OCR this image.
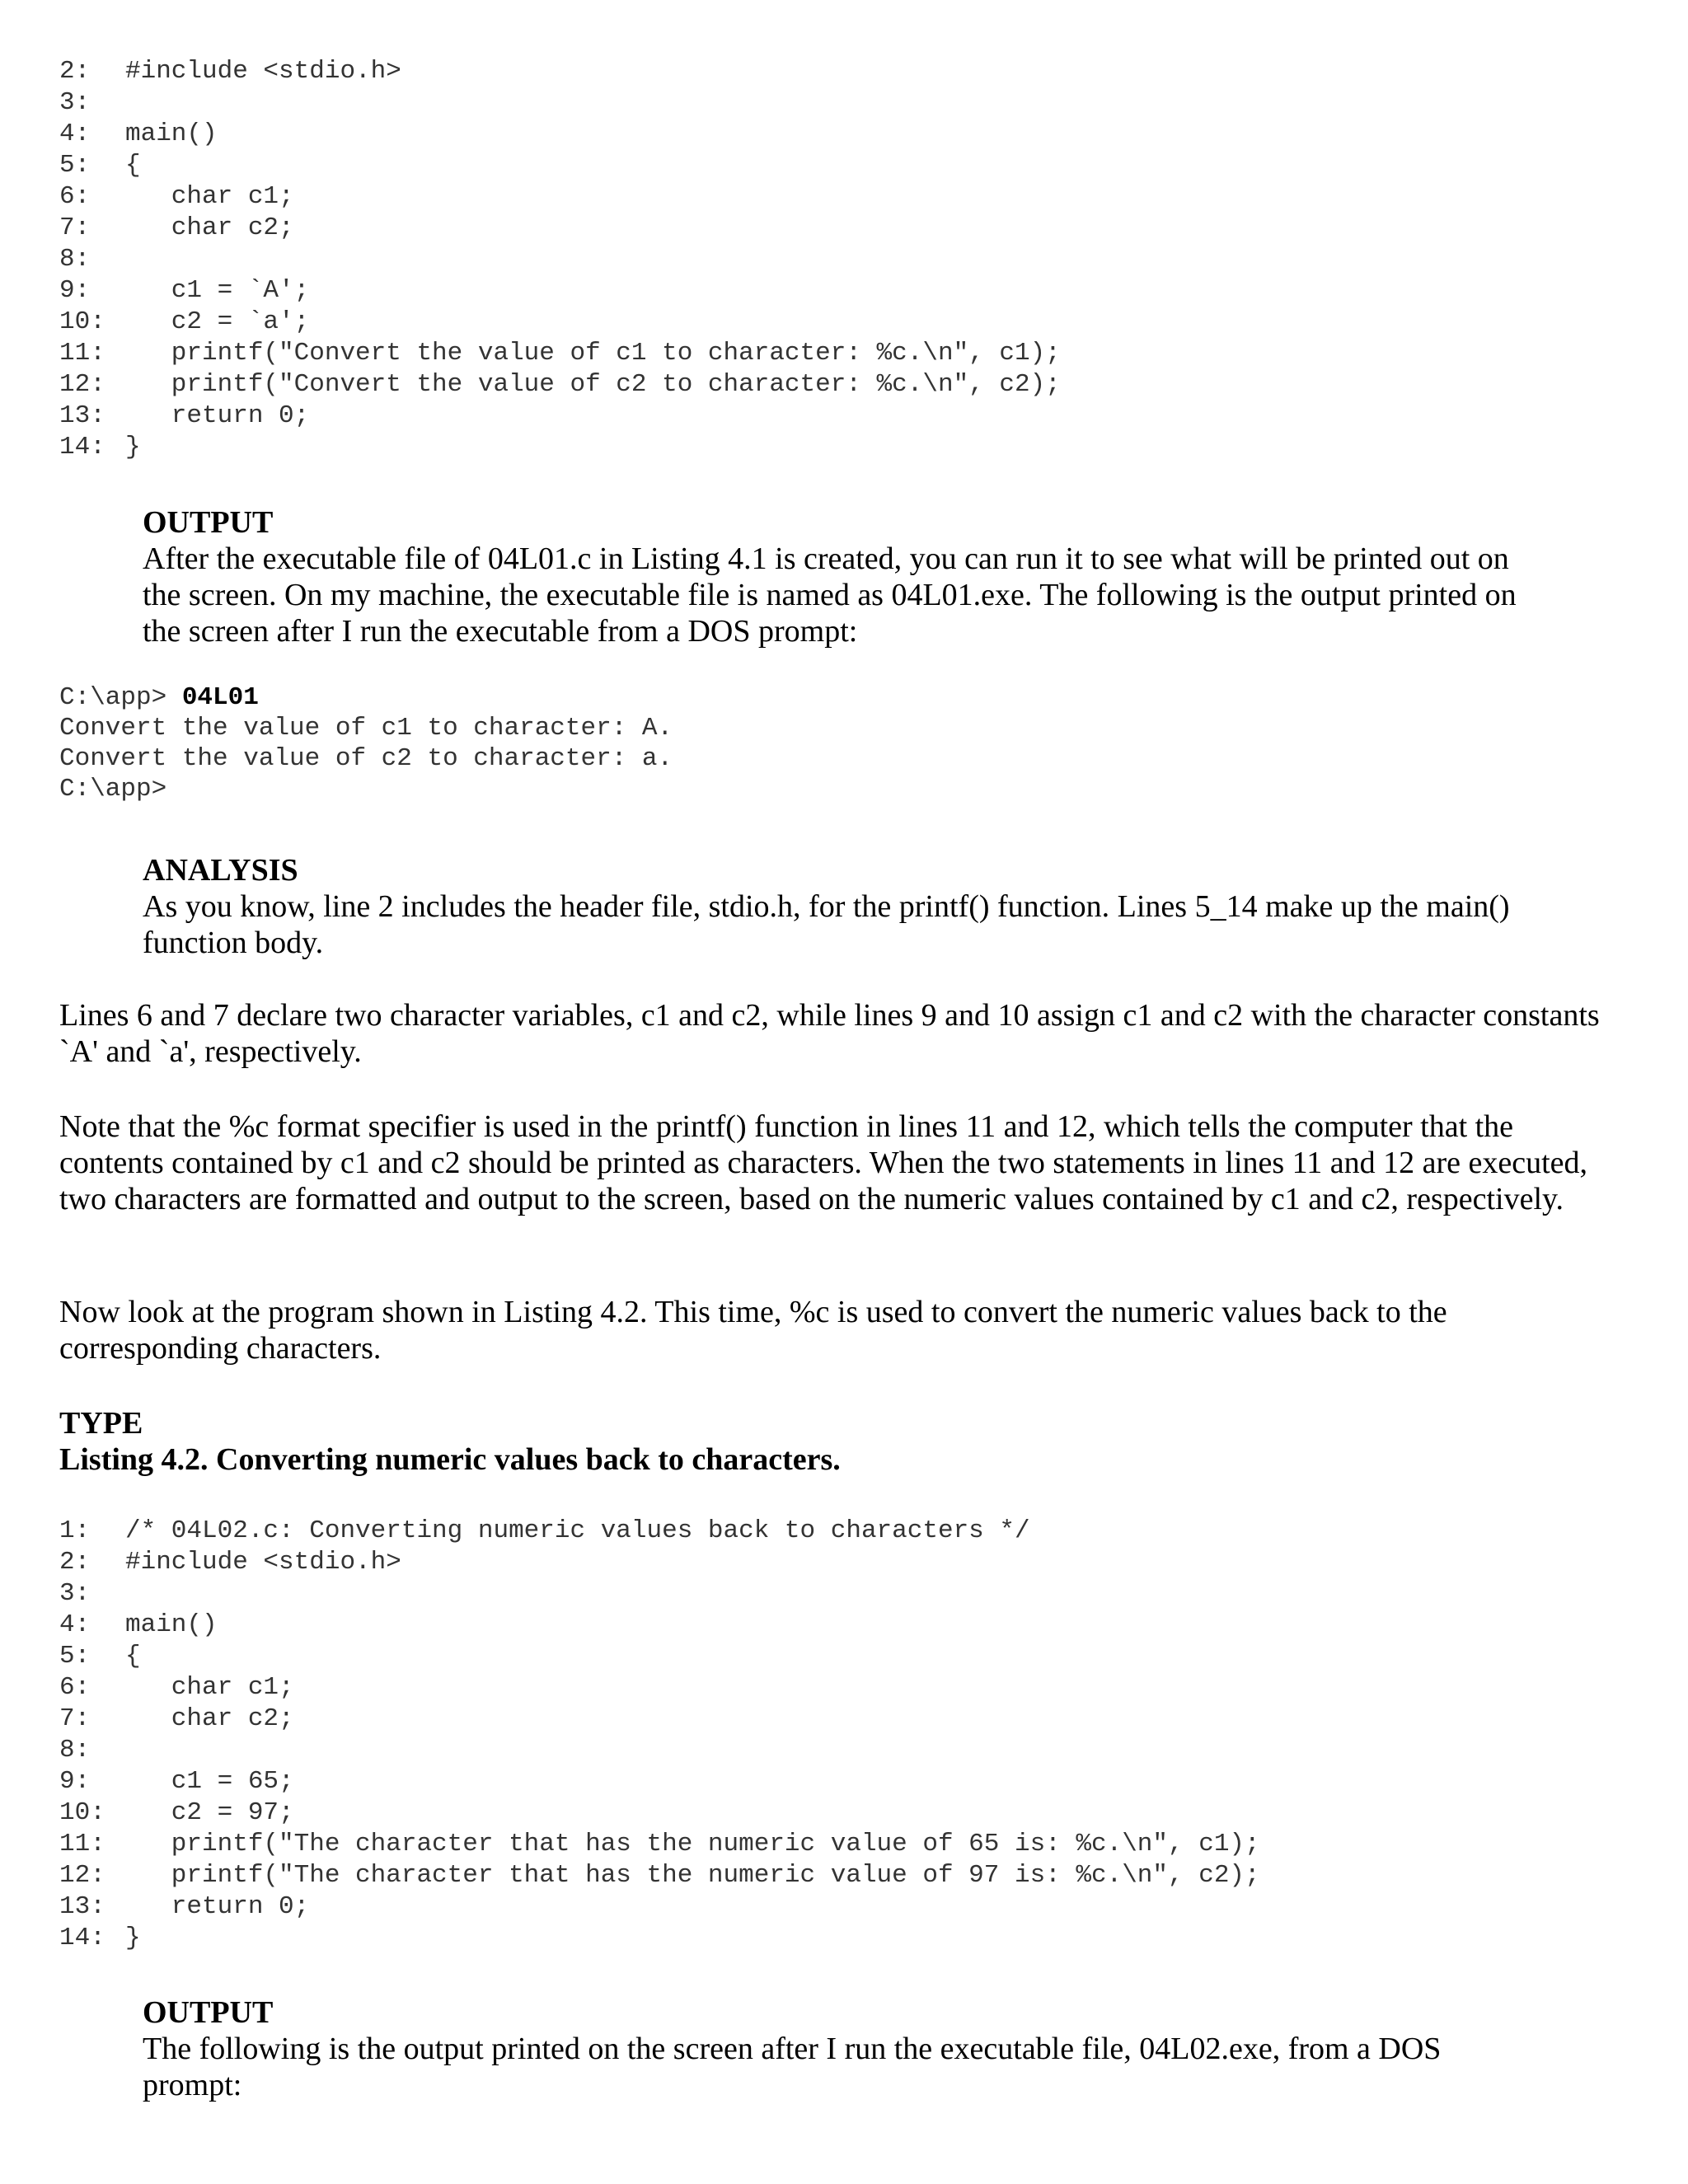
2: #include <stdio.h>
3:
4: main()
5: {
6:   char c1;
7:   char c2;
8:
9:   c1 = `A';
10:   c2 = `a';
11:   printf("Convert the value of c1 to character: %c.\n", c1);
12:   printf("Convert the value of c2 to character: %c.\n", c2);
13:   return 0;
14: }
OUTPUT

After the executable file of 04L01.c in Listing 4.1 is created, you can run it to see what will be printed out on the screen. On my machine, the executable file is named as 04L01.exe. The following is the output printed on the screen after I run the executable from a DOS prompt:

C:\app> 04L01
Convert the value of c1 to character: A.
Convert the value of c2 to character: a.
C:\app>
ANALYSIS

As you know, line 2 includes the header file, stdio.h, for the printf() function. Lines 5_14 make up the main() function body.

Lines 6 and 7 declare two character variables, c1 and c2, while lines 9 and 10 assign c1 and c2 with the character constants `A' and `a', respectively.

Note that the %c format specifier is used in the printf() function in lines 11 and 12, which tells the computer that the contents contained by c1 and c2 should be printed as characters. When the two statements in lines 11 and 12 are executed, two characters are formatted and output to the screen, based on the numeric values contained by c1 and c2, respectively.

Now look at the program shown in Listing 4.2. This time, %c is used to convert the numeric values back to the corresponding characters.

TYPE
Listing 4.2. Converting numeric values back to characters.
1: /* 04L02.c: Converting numeric values back to characters */
2: #include <stdio.h>
3:
4: main()
5: {
6:   char c1;
7:   char c2;
8:
9:   c1 = 65;
10:   c2 = 97;
11:   printf("The character that has the numeric value of 65 is: %c.\n", c1);
12:   printf("The character that has the numeric value of 97 is: %c.\n", c2);
13:   return 0;
14: }
OUTPUT

The following is the output printed on the screen after I run the executable file, 04L02.exe, from a DOS prompt:
